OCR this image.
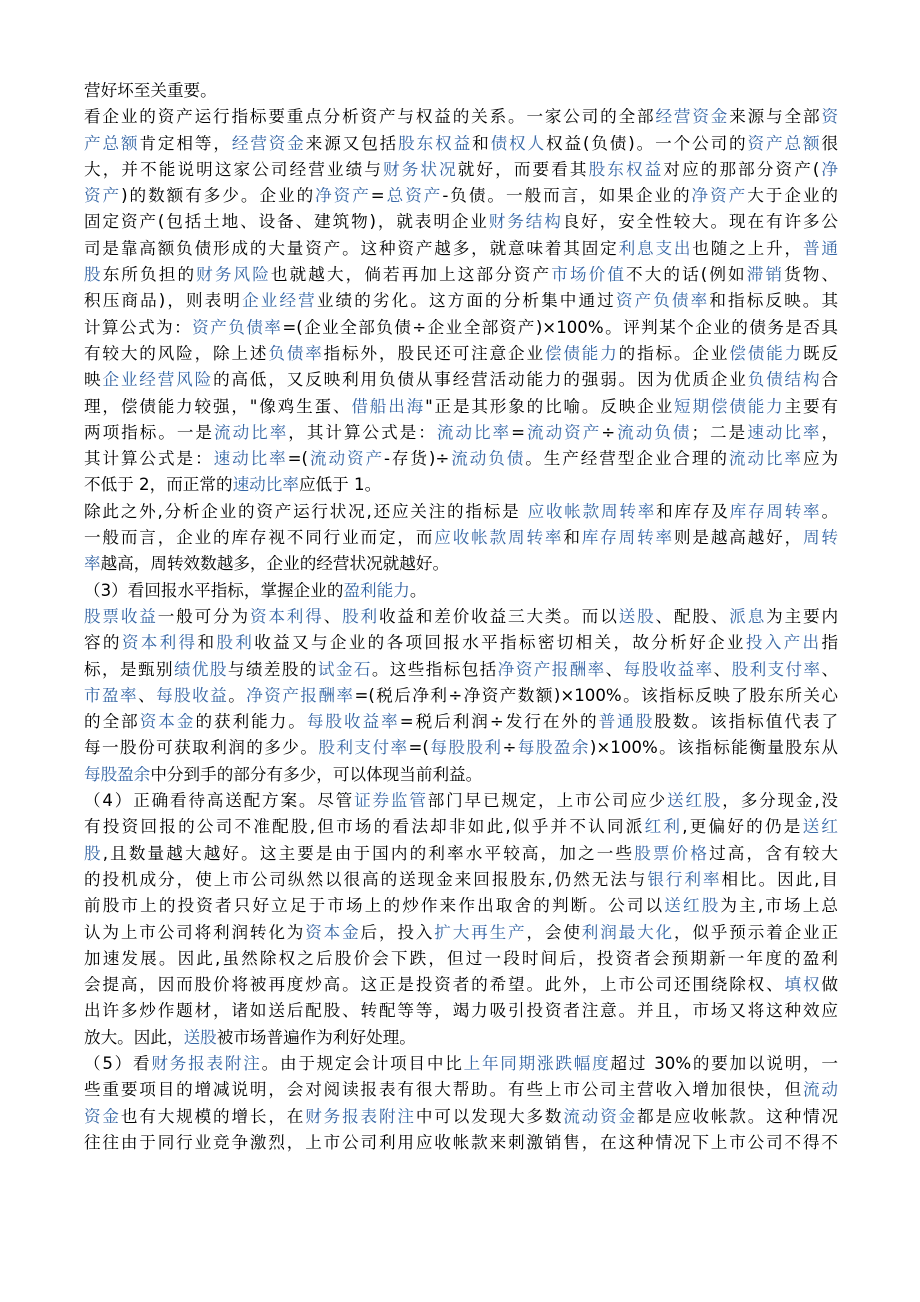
营好坏至关重要。
看企业的资产运行指标要重点分析资产与权益的关系。一家公司的全部经营资金来源与全部资
产总额肯定相等，经营资金来源又包括股东权益和债权人权益(负债)。一个公司的资产总额很
大，并不能说明这家公司经营业绩与财务状况就好，而要看其股东权益对应的那部分资产(净
资产)的数额有多少。企业的净资产=总资产-负债。一般而言，如果企业的净资产大于企业的
固定资产(包括土地、设备、建筑物)，就表明企业财务结构良好，安全性较大。现在有许多公
司是靠高额负债形成的大量资产。这种资产越多，就意味着其固定利息支出也随之上升，普通
股东所负担的财务风险也就越大，倘若再加上这部分资产市场价值不大的话(例如滞销货物、
积压商品)，则表明企业经营业绩的劣化。这方面的分析集中通过资产负债率和指标反映。其
计算公式为：资产负债率=(企业全部负债÷企业全部资产)×100%。评判某个企业的债务是否具
有较大的风险，除上述负债率指标外，股民还可注意企业偿债能力的指标。企业偿债能力既反
映企业经营风险的高低，又反映利用负债从事经营活动能力的强弱。因为优质企业负债结构合
理，偿债能力较强，"像鸡生蛋、借船出海"正是其形象的比喻。反映企业短期偿债能力主要有
两项指标。一是流动比率，其计算公式是：流动比率=流动资产÷流动负债；二是速动比率，
其计算公式是：速动比率=(流动资产-存货)÷流动负债。生产经营型企业合理的流动比率应为
不低于 2，而正常的速动比率应低于 1。
除此之外,分析企业的资产运行状况,还应关注的指标是 应收帐款周转率和库存及库存周转率。
一般而言，企业的库存视不同行业而定，而应收帐款周转率和库存周转率则是越高越好，周转
率越高，周转效数越多，企业的经营状况就越好。
（3）看回报水平指标，掌握企业的盈利能力。
股票收益一般可分为资本利得、股利收益和差价收益三大类。而以送股、配股、派息为主要内
容的资本利得和股利收益又与企业的各项回报水平指标密切相关，故分析好企业投入产出指
标，是甄别绩优股与绩差股的试金石。这些指标包括净资产报酬率、每股收益率、股利支付率、
市盈率、每股收益。净资产报酬率=(税后净利÷净资产数额)×100%。该指标反映了股东所关心
的全部资本金的获利能力。每股收益率=税后利润÷发行在外的普通股股数。该指标值代表了
每一股份可获取利润的多少。股利支付率=(每股股利÷每股盈余)×100%。该指标能衡量股东从
每股盈余中分到手的部分有多少，可以体现当前利益。
（4）正确看待高送配方案。尽管证券监管部门早已规定，上市公司应少送红股，多分现金,没
有投资回报的公司不准配股,但市场的看法却非如此,似乎并不认同派红利,更偏好的仍是送红
股,且数量越大越好。这主要是由于国内的利率水平较高，加之一些股票价格过高，含有较大
的投机成分，使上市公司纵然以很高的送现金来回报股东,仍然无法与银行利率相比。因此,目
前股市上的投资者只好立足于市场上的炒作来作出取舍的判断。公司以送红股为主,市场上总
认为上市公司将利润转化为资本金后，投入扩大再生产，会使利润最大化，似乎预示着企业正
加速发展。因此,虽然除权之后股价会下跌，但过一段时间后，投资者会预期新一年度的盈利
会提高，因而股价将被再度炒高。这正是投资者的希望。此外，上市公司还围绕除权、填权做
出许多炒作题材，诸如送后配股、转配等等，竭力吸引投资者注意。并且，市场又将这种效应
放大。因此，送股被市场普遍作为利好处理。
（5）看财务报表附注。由于规定会计项目中比上年同期涨跌幅度超过 30%的要加以说明，一
些重要项目的增减说明，会对阅读报表有很大帮助。有些上市公司主营收入增加很快，但流动
资金也有大规模的增长，在财务报表附注中可以发现大多数流动资金都是应收帐款。这种情况
往往由于同行业竞争激烈，上市公司利用应收帐款来刺激销售，在这种情况下上市公司不得不
